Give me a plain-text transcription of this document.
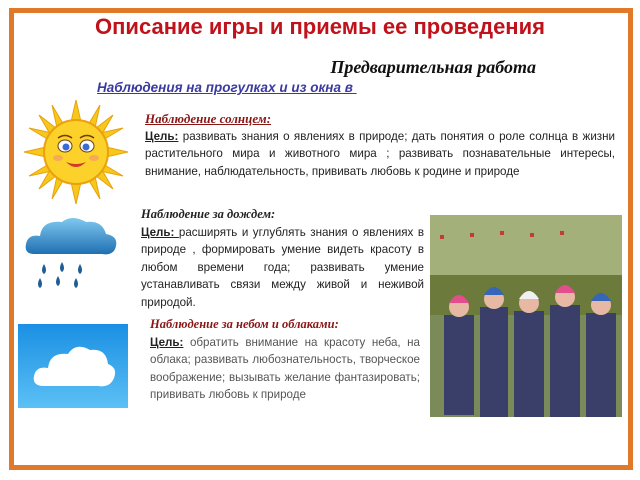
Описание игры и приемы ее проведения
Предварительная работа
Наблюдения на прогулках и из окна в
Наблюдение солнцем:
Цель: развивать знания о явлениях в природе; дать понятия о роле солнца в жизни растительного мира и животного мира ; развивать познавательные интересы, внимание, наблюдательность, прививать любовь к родине и природе
Наблюдение за дождем:
Цель: расширять и углублять знания о явлениях в природе , формировать умение видеть красоту в любом времени года; развивать умение устанавливать связи между живой и неживой природой.
Наблюдение за небом и облаками:
Цель: обратить внимание на красоту неба, на облака; развивать любознательность, творческое воображение; вызывать желание фантазировать; прививать любовь к природе
